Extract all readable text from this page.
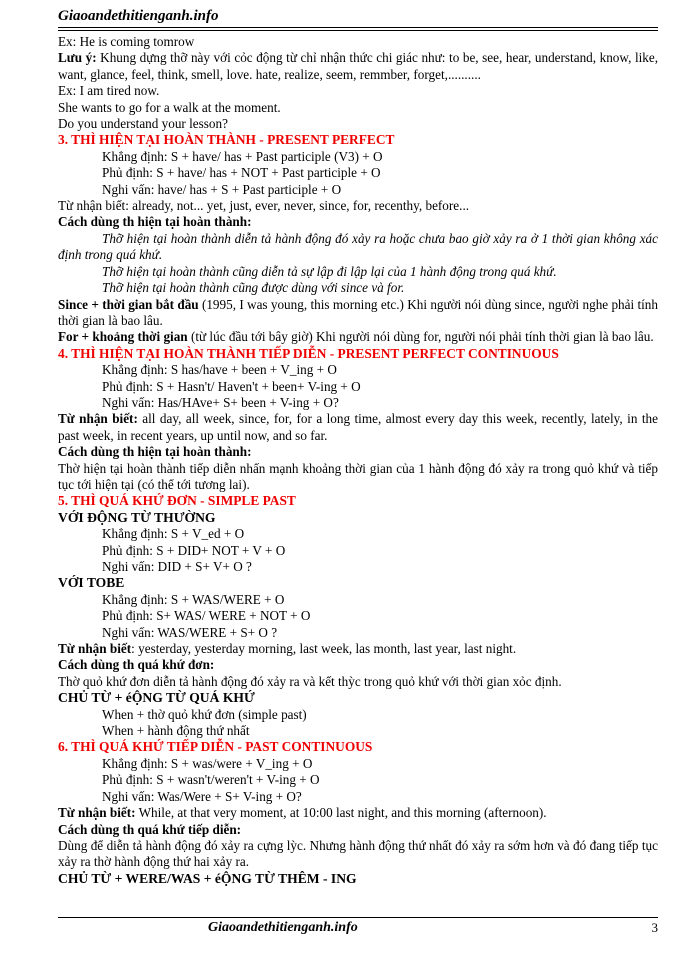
Giaoandethitienganh.info

Ex: He is coming tomrow

Lưu ý: Khung dựng thỡ này với cỏc động từ chỉ nhận thức chi giác như: to be, see, hear, understand, know, like, want, glance, feel, think, smell, love. hate, realize, seem, remmber, forget,..........

Ex: I am tired now.

She wants to go for a walk at the moment.

Do you understand your lesson?

3. THÌ HIỆN TẠI HOÀN THÀNH - PRESENT PERFECT

Khẳng định: S + have/ has + Past participle (V3) + O

Phủ định: S + have/ has + NOT + Past participle + O

Nghi vấn: have/ has + S + Past participle + O

Từ nhận biết: already, not... yet, just, ever, never, since, for, recenthy, before...

Cách dùng th hiện tại hoàn thành:

Thỡ hiện tại hoàn thành diễn tả hành động đó xảy ra hoặc chưa bao giờ xảy ra ở 1 thời gian không xác định trong quá khứ.

Thỡ hiện tại hoàn thành cũng diễn tả sự lập đi lập lại của 1 hành động trong quá khứ.

Thỡ hiện tại hoàn thành cũng được dùng với since và for.

Since + thời gian bắt đầu (1995, I was young, this morning etc.) Khi người nói dùng since, người nghe phải tính thời gian là bao lâu.

For + khoảng thời gian (từ lúc đầu tới bây giờ) Khi người nói dùng for, người nói phải tính thời gian là bao lâu.

4. THÌ HIỆN TẠI HOÀN THÀNH TIẾP DIỄN - PRESENT PERFECT CONTINUOUS

Khẳng định: S has/have + been + V_ing + O

Phủ định: S + Hasn't/ Haven't + been+ V-ing + O

Nghi vấn: Has/HAve+ S+ been + V-ing + O?

Từ nhận biết: all day, all week, since, for, for a long time, almost every day this week, recently, lately, in the past week, in recent years, up until now, and so far.

Cách dùng th hiện tại hoàn thành:

Thờ hiện tại hoàn thành tiếp diễn nhấn mạnh khoảng thời gian của 1 hành động đó xảy ra trong quỏ khứ và tiếp tục tới hiện tại (có thể tới tương lai).

5. THÌ QUÁ KHỨ ĐƠN - SIMPLE PAST

VỚI ĐỘNG TỪ THƯỜNG

Khẳng định: S + V_ed + O

Phủ định: S + DID+ NOT + V + O

Nghi vấn: DID + S+ V+ O ?

VỚI TOBE

Khẳng định: S + WAS/WERE + O

Phủ định: S+ WAS/ WERE + NOT + O

Nghi vấn: WAS/WERE + S+ O ?

Từ nhận biết: yesterday, yesterday morning, last week, las month, last year, last night.

Cách dùng th quá khứ đơn:

Thờ quỏ khứ đơn diễn tả hành động đó xảy ra và kết thỳc trong quỏ khứ với thời gian xỏc định.

CHỦ TỪ + éỘNG TỪ QUÁ KHỨ

When + thờ quỏ khứ đơn (simple past)

When + hành động thứ nhất

6. THÌ QUÁ KHỨ TIẾP DIỄN - PAST CONTINUOUS

Khẳng định: S + was/were + V_ing + O

Phủ định: S + wasn't/weren't + V-ing + O

Nghi vấn: Was/Were + S+ V-ing + O?

Từ nhận biết: While, at that very moment, at 10:00 last night, and this morning (afternoon).

Cách dùng th quá khứ tiếp diễn:

Dùng để diễn tả hành động đó xảy ra cựng lỳc. Nhưng hành động thứ nhất đó xảy ra sớm hơn và đó đang tiếp tục xảy ra thờ hành động thứ hai xảy ra.

CHỦ TỪ + WERE/WAS + éỘNG TỪ THÊM - ING

Giaoandethitienganh.info	3
